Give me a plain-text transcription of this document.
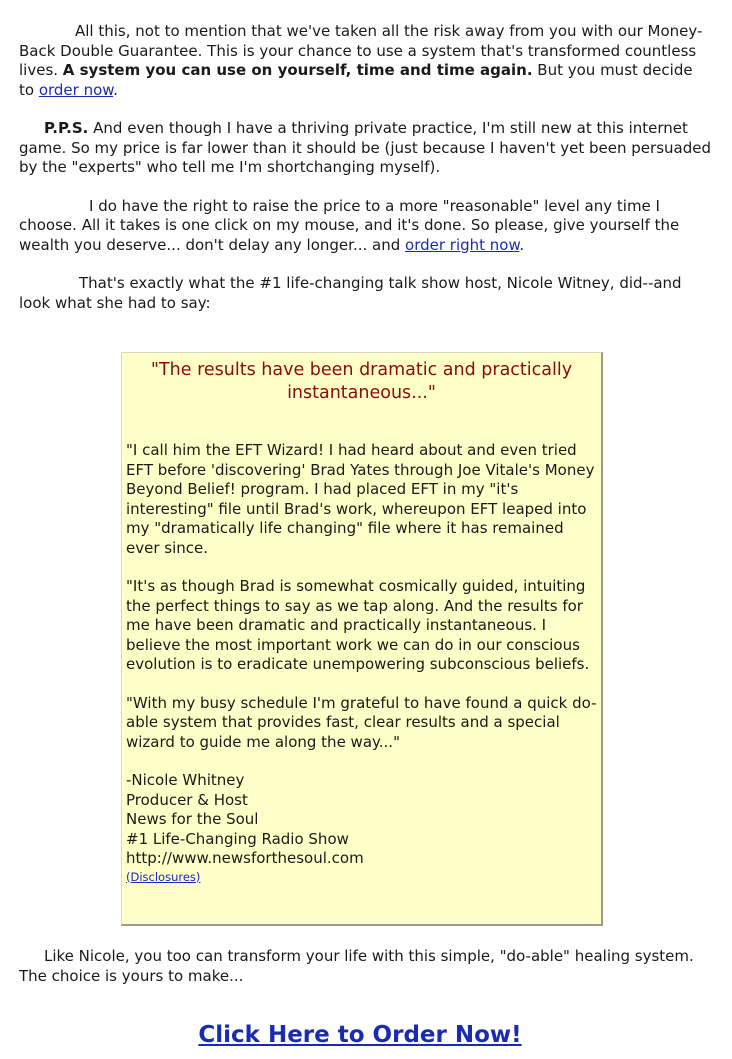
All this, not to mention that we've taken all the risk away from you with our Money-Back Double Guarantee. This is your chance to use a system that's transformed countless lives. A system you can use on yourself, time and time again. But you must decide to order now.

P.P.S. And even though I have a thriving private practice, I'm still new at this internet game. So my price is far lower than it should be (just because I haven't yet been persuaded by the "experts" who tell me I'm shortchanging myself).

I do have the right to raise the price to a more "reasonable" level any time I choose. All it takes is one click on my mouse, and it's done. So please, give yourself the wealth you deserve... don't delay any longer... and order right now.

That's exactly what the #1 life-changing talk show host, Nicole Witney, did--and look what she had to say:

"The results have been dramatic and practically instantaneous..."

"I call him the EFT Wizard! I had heard about and even tried EFT before 'discovering' Brad Yates through Joe Vitale's Money Beyond Belief! program. I had placed EFT in my "it's interesting" file until Brad's work, whereupon EFT leaped into my "dramatically life changing" file where it has remained ever since.

"It's as though Brad is somewhat cosmically guided, intuiting the perfect things to say as we tap along. And the results for me have been dramatic and practically instantaneous. I believe the most important work we can do in our conscious evolution is to eradicate unempowering subconscious beliefs.

"With my busy schedule I'm grateful to have found a quick do-able system that provides fast, clear results and a special wizard to guide me along the way..."

-Nicole Whitney

Producer & Host

News for the Soul

#1 Life-Changing Radio Show

http://www.newsforthesoul.com

(Disclosures)

Like Nicole, you too can transform your life with this simple, "do-able" healing system. The choice is yours to make...

Click Here to Order Now!
